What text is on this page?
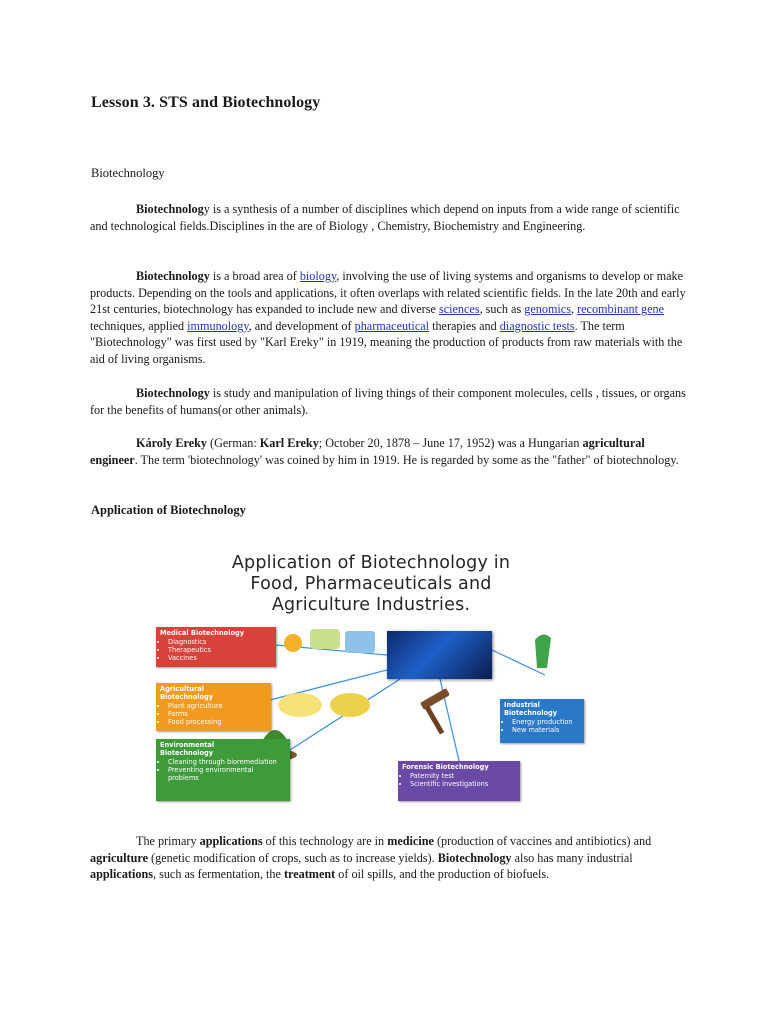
Lesson 3. STS and Biotechnology
Biotechnology
Biotechnology is a synthesis of a number of disciplines which depend on inputs from a wide range of scientific and technological fields.Disciplines in the are of Biology , Chemistry, Biochemistry and Engineering.
Biotechnology is a broad area of biology, involving the use of living systems and organisms to develop or make products. Depending on the tools and applications, it often overlaps with related scientific fields. In the late 20th and early 21st centuries, biotechnology has expanded to include new and diverse sciences, such as genomics, recombinant gene techniques, applied immunology, and development of pharmaceutical therapies and diagnostic tests. The term "Biotechnology" was first used by "Karl Ereky" in 1919, meaning the production of products from raw materials with the aid of living organisms.
Biotechnology is study and manipulation of living things of their component molecules, cells , tissues, or organs for the benefits of humans(or other animals).
Károly Ereky (German: Karl Ereky; October 20, 1878 – June 17, 1952) was a Hungarian agricultural engineer. The term 'biotechnology' was coined by him in 1919. He is regarded by some as the "father" of biotechnology.
Application of Biotechnology
Application of Biotechnology in
Food, Pharmaceuticals and
Agriculture Industries.
Medical Biotechnology
• Diagnostics
• Therapeutics
• Vaccines
Agricultural
Biotechnology
• Plant agriculture
• Farms
• Food processing
Environmental
Biotechnology
• Cleaning through bioremediation
• Preventing environmental problems
Industrial
Biotechnology
• Energy production
• New materials
Forensic Biotechnology
• Paternity test
• Scientific investigations
The primary applications of this technology are in medicine (production of vaccines and antibiotics) and agriculture (genetic modification of crops, such as to increase yields). Biotechnology also has many industrial applications, such as fermentation, the treatment of oil spills, and the production of biofuels.
